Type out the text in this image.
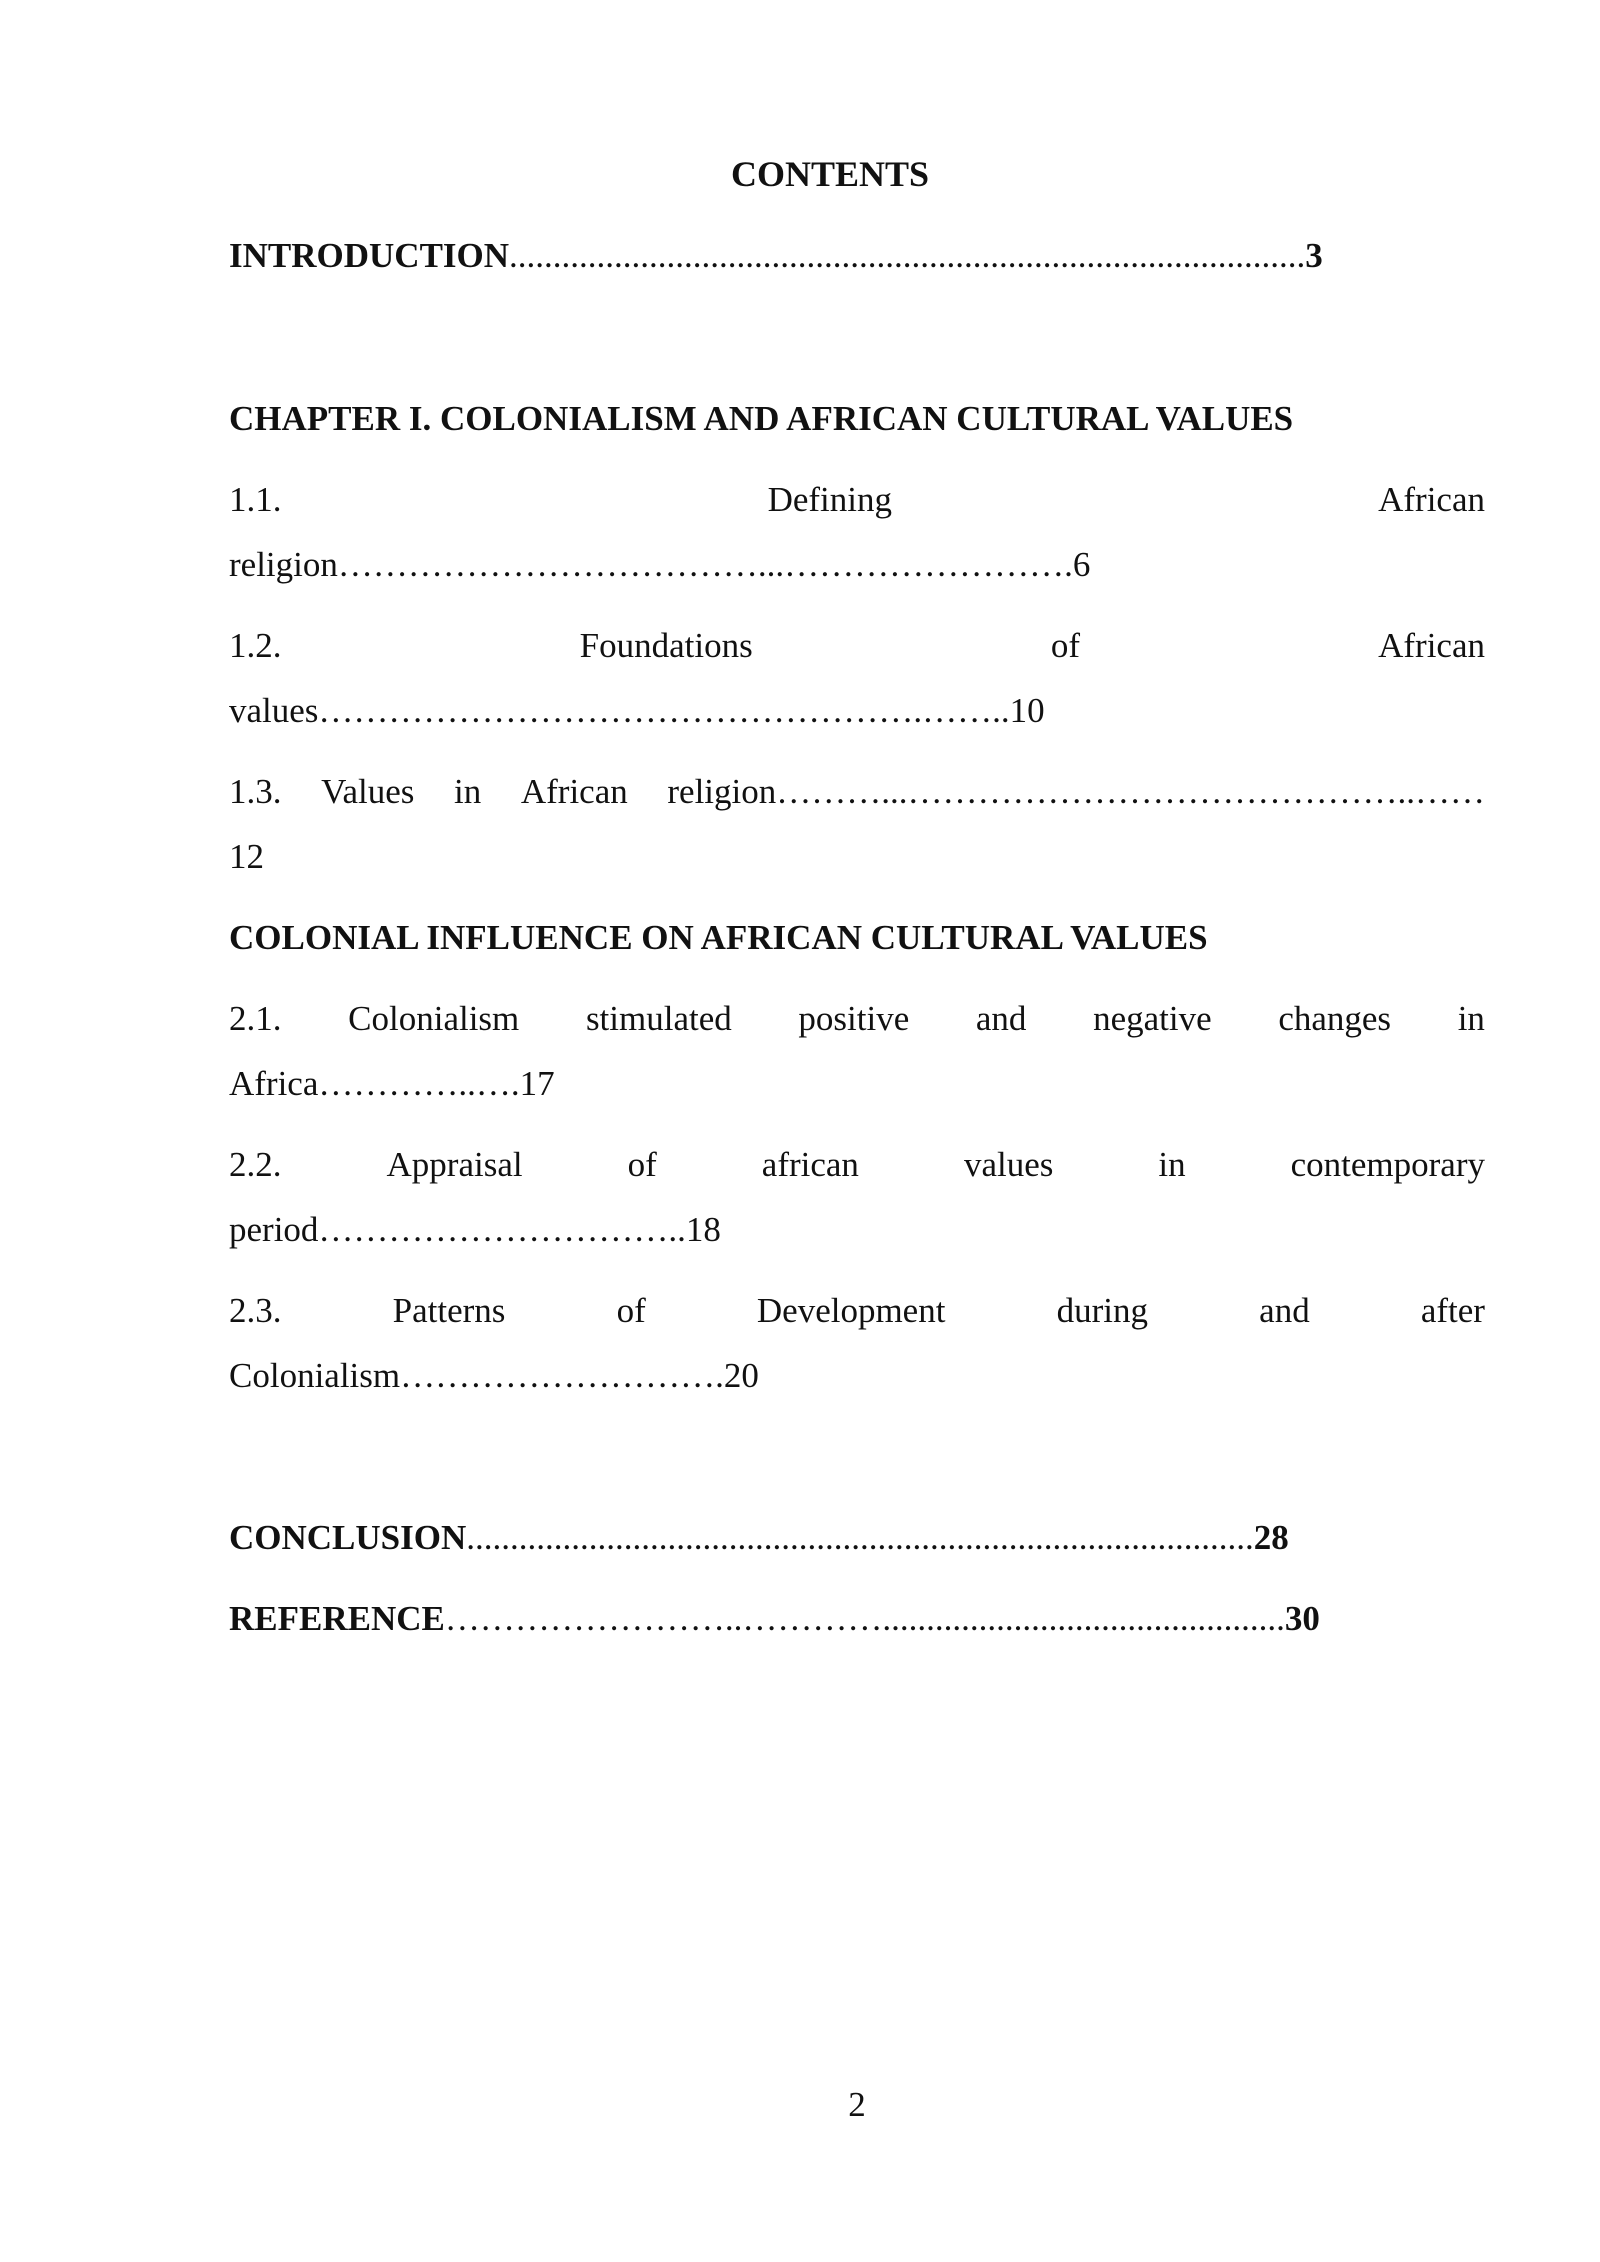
CONTENTS
INTRODUCTION...........................................................................................3
CHAPTER I. COLONIALISM AND AFRICAN CULTURAL VALUES
1.1.	Defining	African
religion………………………………...…………………….6
1.2.	Foundations	of	African
values…………………………………………….……..10
1.3. Values in African religion………...……………………………………..……
12
COLONIAL INFLUENCE ON AFRICAN CULTURAL VALUES
2.1. Colonialism stimulated positive and negative changes in
Africa…………..….17
2.2.	Appraisal	of	african	values	in	contemporary
period…………………………..18
2.3.	Patterns	of	Development	during	and	after
Colonialism……………………….20
CONCLUSION..........................................................................................28
REFERENCE……………………..…………..............................................30
2
